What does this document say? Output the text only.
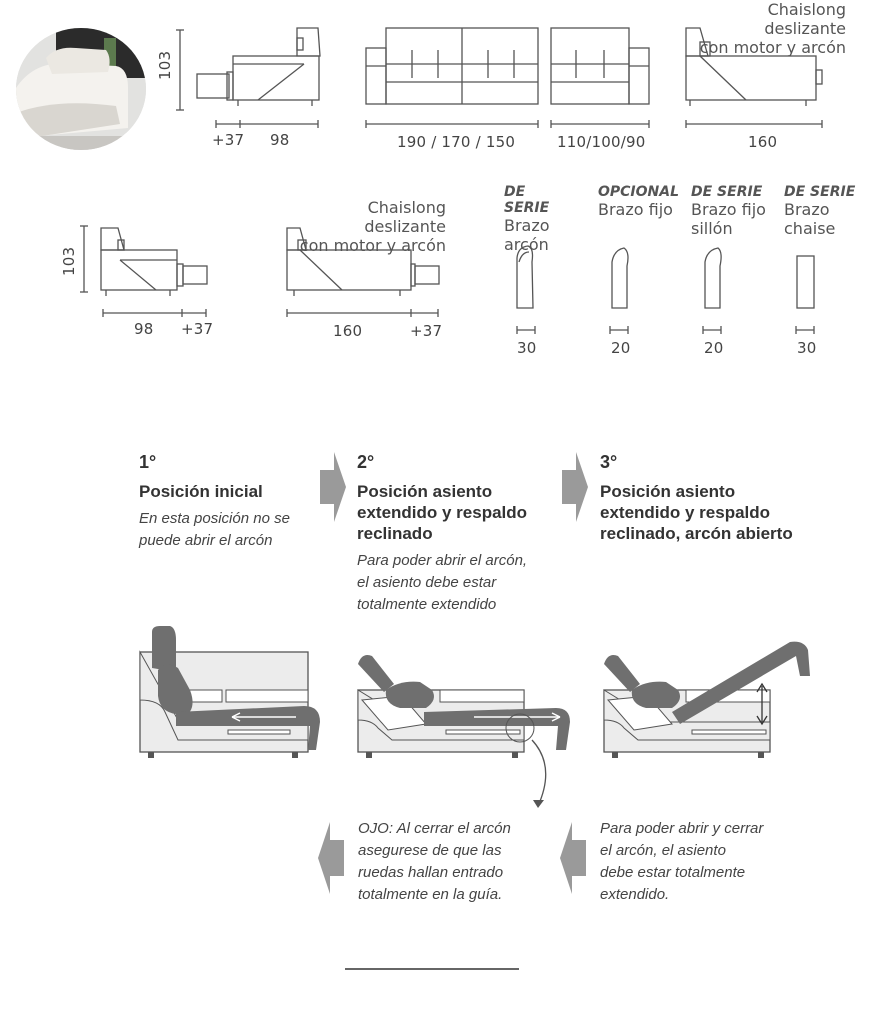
103
+37 98	190 / 170 / 150	110/100/90	160
Chaislong deslizante
con motor y arcón
103
98 +37	160	+37
Chaislong deslizante
con motor y arcón
DE SERIE
Brazo
arcón
30
OPCIONAL
Brazo fijo
20
DE SERIE
Brazo fijo
sillón
20
DE SERIE
Brazo
chaise
30
1°
Posición inicial
En esta posición no se
puede abrir el arcón
2°
Posición asiento
extendido y respaldo
reclinado
Para poder abrir el arcón,
el asiento debe estar
totalmente extendido
3°
Posición asiento
extendido y respaldo
reclinado, arcón abierto
OJO: Al cerrar el arcón
asegurese de que las
ruedas hallan entrado
totalmente en la guía.
Para poder abrir y cerrar
el arcón, el asiento
debe estar totalmente
extendido.
